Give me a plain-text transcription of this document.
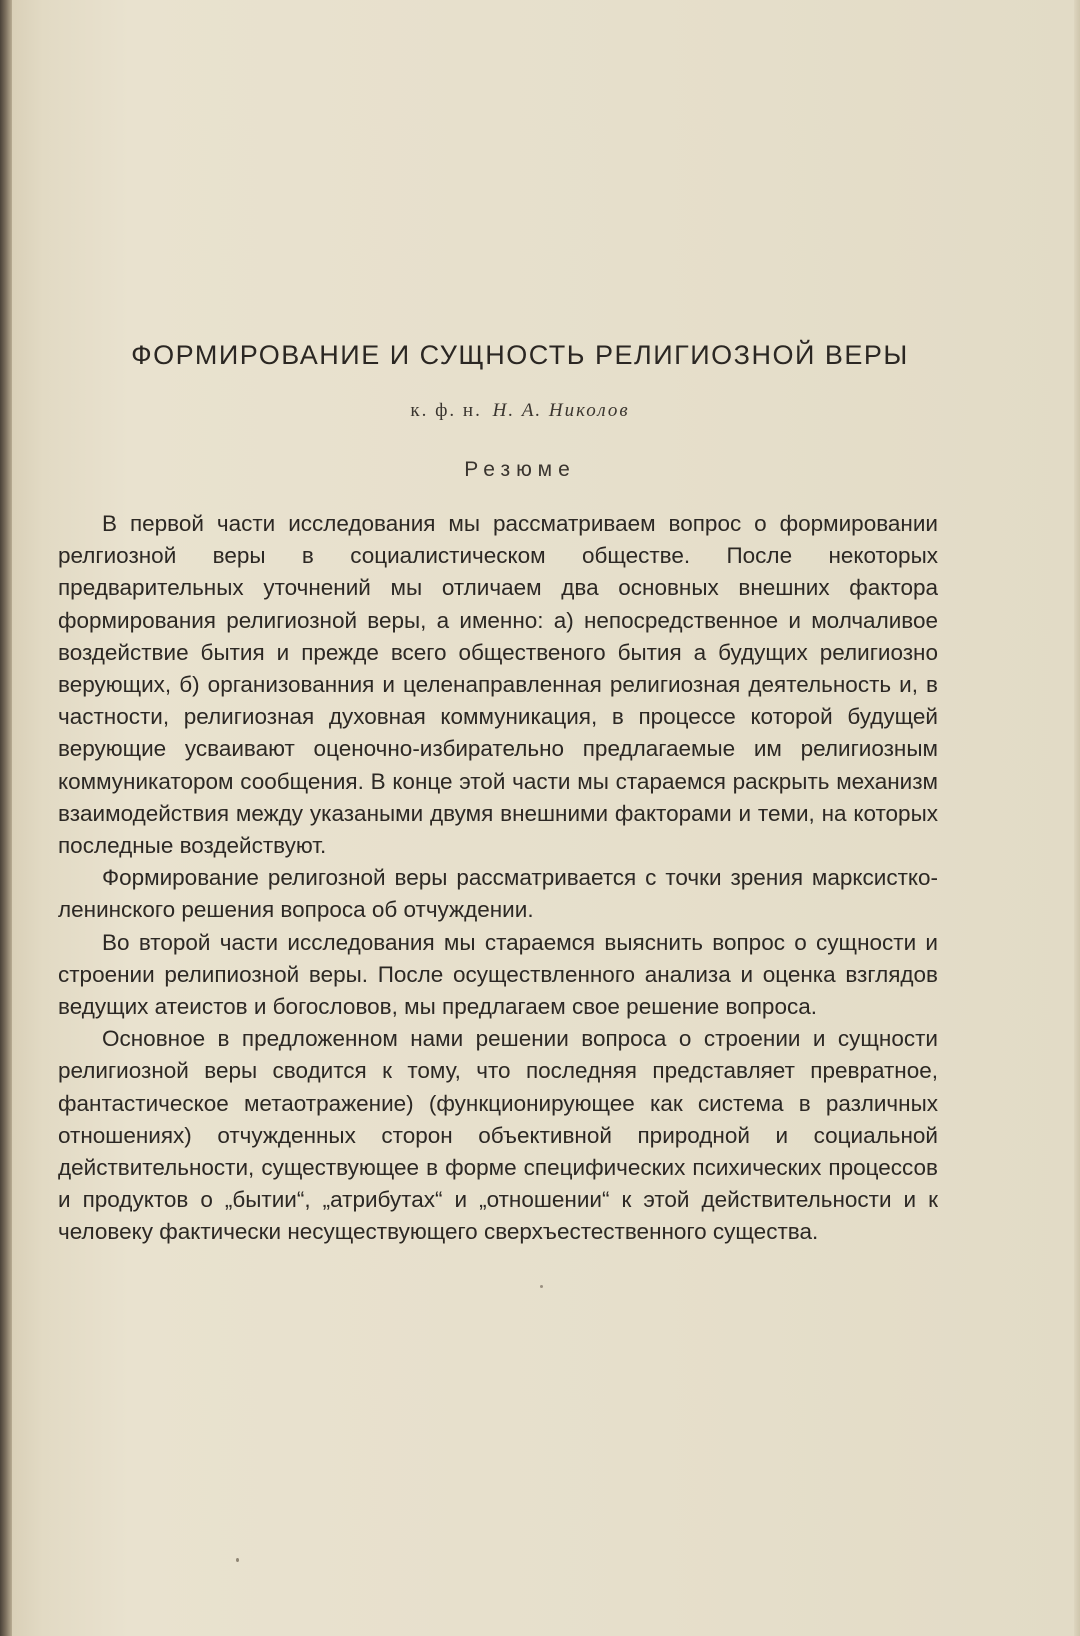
ФОРМИРОВАНИЕ И СУЩНОСТЬ РЕЛИГИОЗНОЙ ВЕРЫ
к. ф. н. Н. А. Николов
Резюме

В первой части исследования мы рассматриваем вопрос о формировании релгиозной веры в социалистическом обществе. После некоторых предварительных уточнений мы отличаем два основных внешних фактора формирования религиозной веры, а именно: а) непосредственное и молчаливое воздействие бытия и прежде всего общественого бытия а будущих религиозно верующих, б) организованния и целенаправленная религиозная деятельность и, в частности, религиозная духовная коммуникация, в процессе которой будущей верующие усваивают оценочно-избирательно предлагаемые им религиозным коммуникатором сообщения. В конце этой части мы стараемся раскрыть механизм взаимодействия между указаными двумя внешними факторами и теми, на которых последные воздействуют.

Формирование религозной веры рассматривается с точки зрения марксистко-ленинского решения вопроса об отчуждении.

Во второй части исследования мы стараемся выяснить вопрос о сущности и строении релипиозной веры. После осуществленного анализа и оценка взглядов ведущих атеистов и богословов, мы предлагаем свое решение вопроса.

Основное в предложенном нами решении вопроса о строении и сущности религиозной веры сводится к тому, что последняя представляет превратное, фантастическое метаотражение) (функционирующее как система в различных отношениях) отчужденных сторон объективной природной и социальной действительности, существующее в форме специфических психических процессов и продуктов о „бытии“, „атрибутах“ и „отношении“ к этой действительности и к человеку фактически несуществующего сверхъестественного существа.
